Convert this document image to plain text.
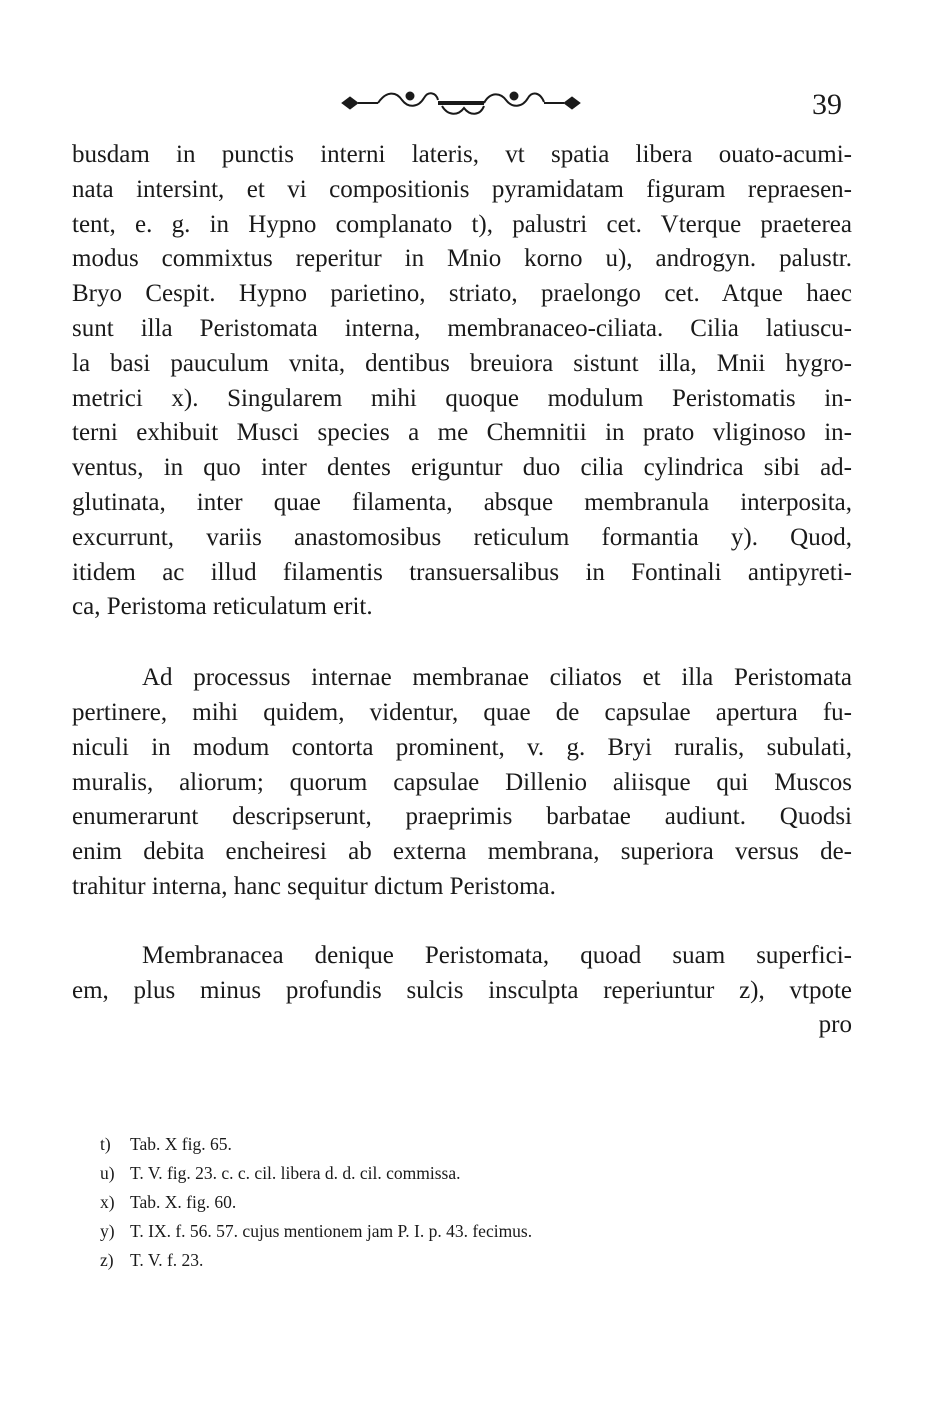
39
busdam in punctis interni lateris, vt spatia libera ouato-acumi-
nata intersint, et vi compositionis pyramidatam figuram repraesen-
tent, e. g. in Hypno complanato t), palustri cet. Vterque praeterea
modus commixtus reperitur in Mnio korno u), androgyn. palustr.
Bryo Cespit. Hypno parietino, striato, praelongo cet. Atque haec
sunt illa Peristomata interna, membranaceo-ciliata. Cilia latiuscu-
la basi pauculum vnita, dentibus breuiora sistunt illa, Mnii hygro-
metrici x). Singularem mihi quoque modulum Peristomatis in-
terni exhibuit Musci species a me Chemnitii in prato vliginoso in-
ventus, in quo inter dentes eriguntur duo cilia cylindrica sibi ad-
glutinata, inter quae filamenta, absque membranula interposita,
excurrunt, variis anastomosibus reticulum formantia y). Quod,
itidem ac illud filamentis transuersalibus in Fontinali antipyreti-
ca, Peristoma reticulatum erit.
Ad processus internae membranae ciliatos et illa Peristomata
pertinere, mihi quidem, videntur, quae de capsulae apertura fu-
niculi in modum contorta prominent, v. g. Bryi ruralis, subulati,
muralis, aliorum; quorum capsulae Dillenio aliisque qui Muscos
enumerarunt descripserunt, praeprimis barbatae audiunt. Quodsi
enim debita encheiresi ab externa membrana, superiora versus de-
trahitur interna, hanc sequitur dictum Peristoma.
Membranacea denique Peristomata, quoad suam superfici-
em, plus minus profundis sulcis insculpta reperiuntur z), vtpote
pro
t) Tab. X fig. 65.
u) T. V. fig. 23. c. c. cil. libera d. d. cil. commissa.
x) Tab. X. fig. 60.
y) T. IX. f. 56. 57. cujus mentionem jam P. I. p. 43. fecimus.
z) T. V. f. 23.
